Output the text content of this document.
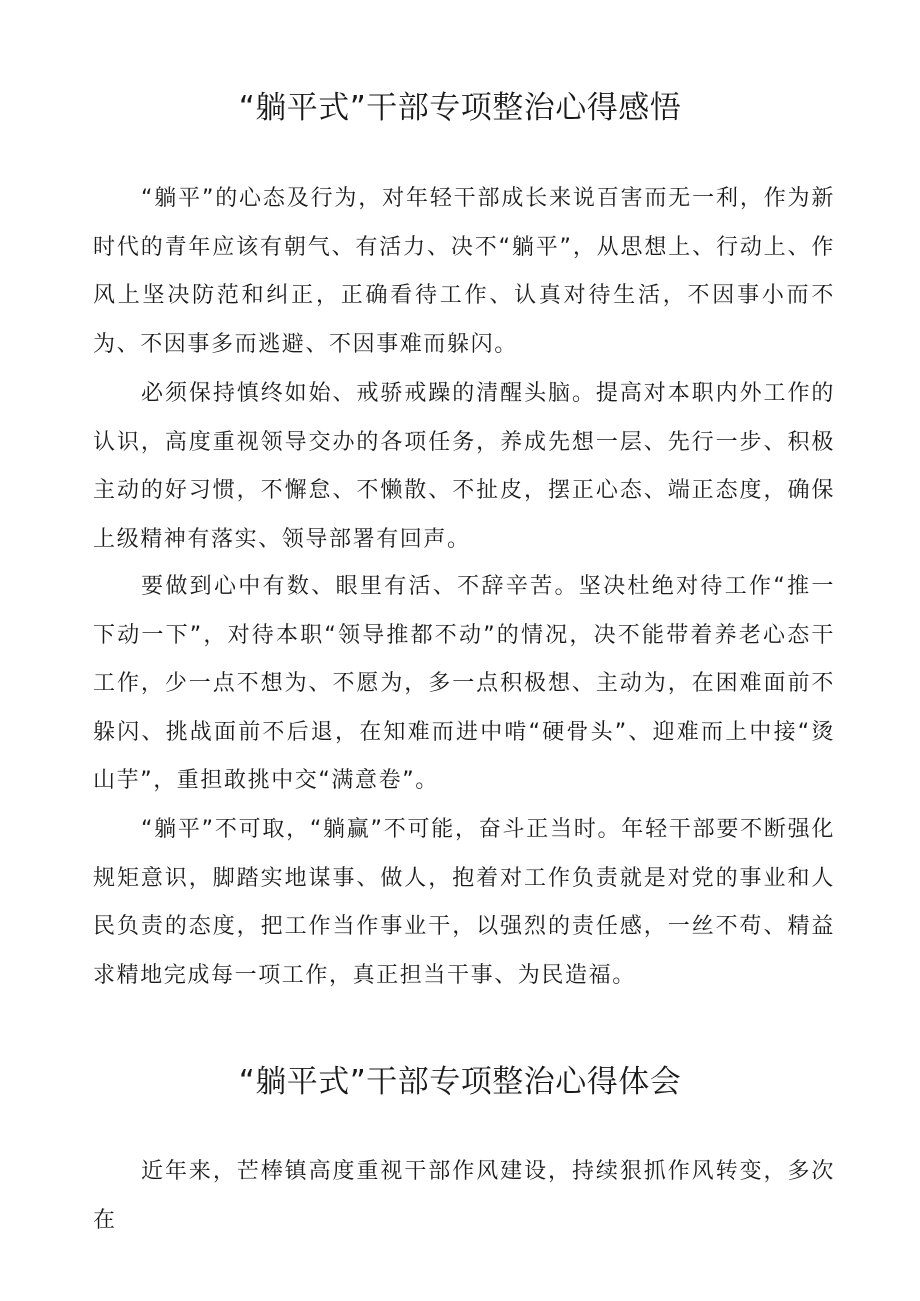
“躺平式”干部专项整治心得感悟

“躺平”的心态及行为，对年轻干部成长来说百害而无一利，作为新时代的青年应该有朝气、有活力、决不“躺平”，从思想上、行动上、作风上坚决防范和纠正，正确看待工作、认真对待生活，不因事小而不为、不因事多而逃避、不因事难而躲闪。

必须保持慎终如始、戒骄戒躁的清醒头脑。提高对本职内外工作的认识，高度重视领导交办的各项任务，养成先想一层、先行一步、积极主动的好习惯，不懈怠、不懒散、不扯皮，摆正心态、端正态度，确保上级精神有落实、领导部署有回声。

要做到心中有数、眼里有活、不辞辛苦。坚决杜绝对待工作“推一下动一下”，对待本职“领导推都不动”的情况，决不能带着养老心态干工作，少一点不想为、不愿为，多一点积极想、主动为，在困难面前不躲闪、挑战面前不后退，在知难而进中啃“硬骨头”、迎难而上中接“烫山芋”，重担敢挑中交“满意卷”。

“躺平”不可取，“躺赢”不可能，奋斗正当时。年轻干部要不断强化规矩意识，脚踏实地谋事、做人，抱着对工作负责就是对党的事业和人民负责的态度，把工作当作事业干，以强烈的责任感，一丝不苟、精益求精地完成每一项工作，真正担当干事、为民造福。

“躺平式”干部专项整治心得体会

近年来，芒棒镇高度重视干部作风建设，持续狠抓作风转变，多次在
